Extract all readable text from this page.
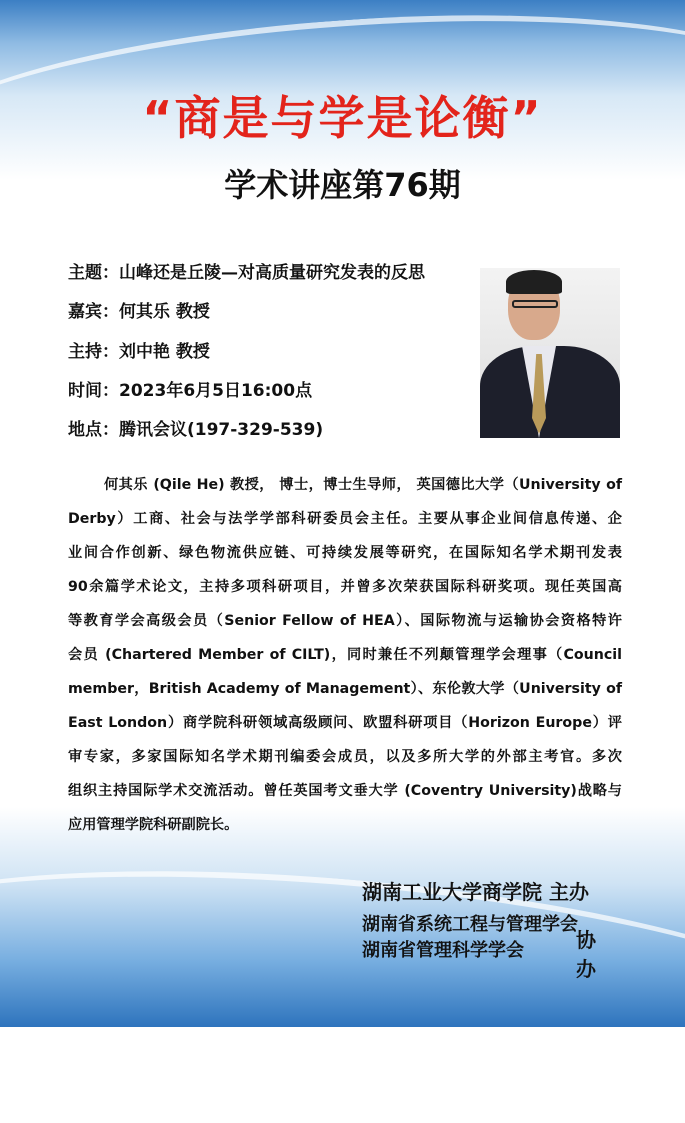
“商是与学是论衡”
学术讲座第76期
主题：山峰还是丘陵—对高质量研究发表的反思
嘉宾：何其乐 教授
主持：刘中艳 教授
时间：2023年6月5日16:00点
地点：腾讯会议(197-329-539)
何其乐 (Qile He) 教授， 博士，博士生导师， 英国德比大学（University of
Derby）工商、社会与法学学部科研委员会主任。主要从事企业间信息传递、企
业间合作创新、绿色物流供应链、可持续发展等研究，在国际知名学术期刊发表
90余篇学术论文，主持多项科研项目，并曾多次荣获国际科研奖项。现任英国高
等教育学会高级会员（Senior Fellow of HEA）、国际物流与运输协会资格特许
会员 (Chartered Member of CILT)，同时兼任不列颠管理学会理事（Council
member，British Academy of Management）、东伦敦大学（University of
East London）商学院科研领域高级顾问、欧盟科研项目（Horizon Europe）评
审专家，多家国际知名学术期刊编委会成员，以及多所大学的外部主考官。多次
组织主持国际学术交流活动。曾任英国考文垂大学 (Coventry University)战略与
应用管理学院科研副院长。
湖南工业大学商学院 主办
湖南省系统工程与管理学会
湖南省管理科学学会	协办
